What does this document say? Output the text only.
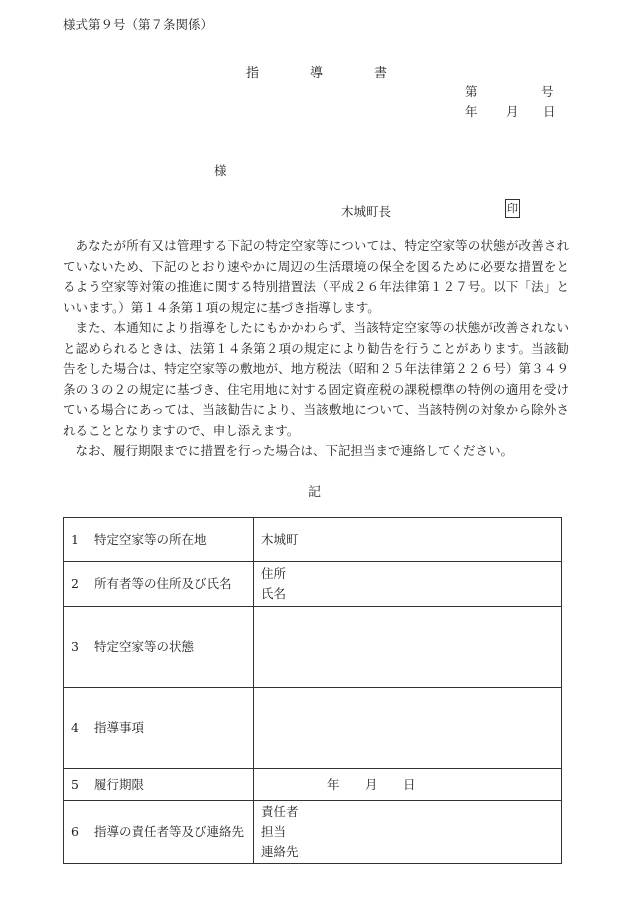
様式第９号（第７条関係）
指	導	書
第	号
年 月 日
様
木城町長	印

あなたが所有又は管理する下記の特定空家等については、特定空家等の状態が改善されていないため、下記のとおり速やかに周辺の生活環境の保全を図るために必要な措置をとるよう空家等対策の推進に関する特別措置法（平成２６年法律第１２７号。以下「法」といいます。）第１４条第１項の規定に基づき指導します。

また、本通知により指導をしたにもかかわらず、当該特定空家等の状態が改善されないと認められるときは、法第１４条第２項の規定により勧告を行うことがあります。当該勧告をした場合は、特定空家等の敷地が、地方税法（昭和２５年法律第２２６号）第３４９条の３の２の規定に基づき、住宅用地に対する固定資産税の課税標準の特例の適用を受けている場合にあっては、当該勧告により、当該敷地について、当該特例の対象から除外されることとなりますので、申し添えます。

なお、履行期限までに措置を行った場合は、下記担当まで連絡してください。

記
1 特定空家等の所在地	木城町

2 所有者等の住所及び氏名	住所
氏名

3 特定空家等の状態	
4 指導事項	
5 履行期限	年 月 日
6 指導の責任者等及び連絡先	責任者
担当
連絡先
